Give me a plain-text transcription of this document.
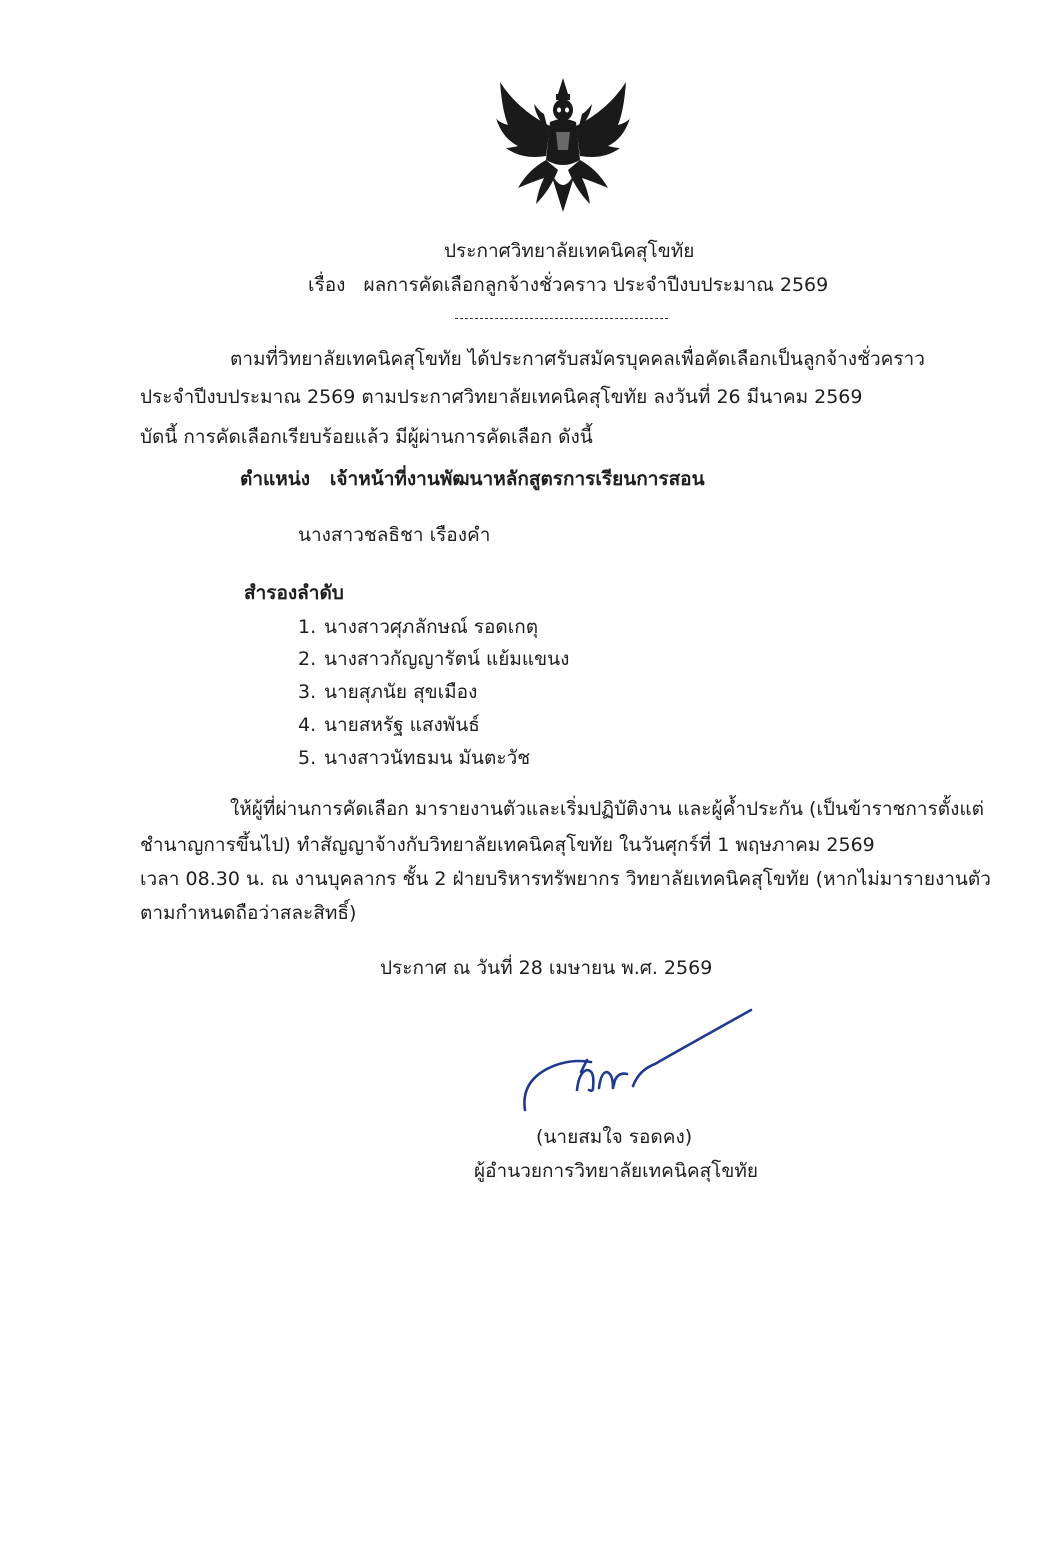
ประกาศวิทยาลัยเทคนิคสุโขทัย
เรื่อง ผลการคัดเลือกลูกจ้างชั่วคราว ประจำปีงบประมาณ 2569
ตามที่วิทยาลัยเทคนิคสุโขทัย ได้ประกาศรับสมัครบุคคลเพื่อคัดเลือกเป็นลูกจ้างชั่วคราว
ประจำปีงบประมาณ 2569 ตามประกาศวิทยาลัยเทคนิคสุโขทัย ลงวันที่ 26 มีนาคม 2569
บัดนี้ การคัดเลือกเรียบร้อยแล้ว มีผู้ผ่านการคัดเลือก ดังนี้
ตำแหน่ง เจ้าหน้าที่งานพัฒนาหลักสูตรการเรียนการสอน
นางสาวชลธิชา เรืองคำ
สำรองลำดับ
1. นางสาวศุภลักษณ์ รอดเกตุ
2. นางสาวกัญญารัตน์ แย้มแขนง
3. นายสุภนัย สุขเมือง
4. นายสหรัฐ แสงพันธ์
5. นางสาวนัทธมน มันตะวัช
ให้ผู้ที่ผ่านการคัดเลือก มารายงานตัวและเริ่มปฏิบัติงาน และผู้ค้ำประกัน (เป็นข้าราชการตั้งแต่
ชำนาญการขึ้นไป) ทำสัญญาจ้างกับวิทยาลัยเทคนิคสุโขทัย ในวันศุกร์ที่ 1 พฤษภาคม 2569
เวลา 08.30 น. ณ งานบุคลากร ชั้น 2 ฝ่ายบริหารทรัพยากร วิทยาลัยเทคนิคสุโขทัย (หากไม่มารายงานตัว
ตามกำหนดถือว่าสละสิทธิ์)
ประกาศ ณ วันที่ 28 เมษายน พ.ศ. 2569
(นายสมใจ รอดคง)
ผู้อำนวยการวิทยาลัยเทคนิคสุโขทัย
